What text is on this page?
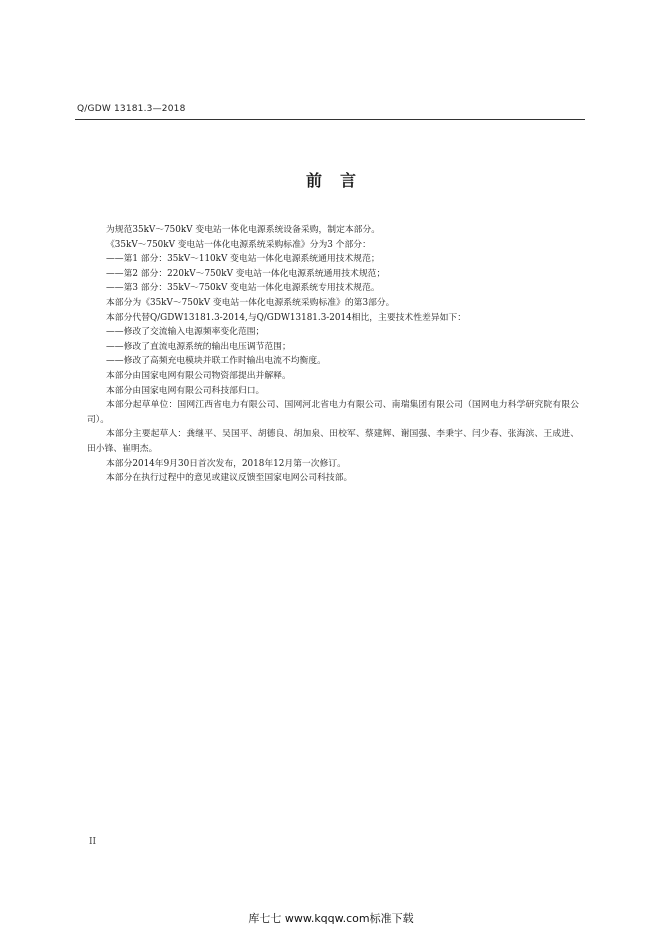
Q/GDW 13181.3—2018
前 言

为规范35kV～750kV 变电站一体化电源系统设备采购，制定本部分。

《35kV～750kV 变电站一体化电源系统采购标准》分为3 个部分：

——第1 部分：35kV～110kV 变电站一体化电源系统通用技术规范；

——第2 部分：220kV～750kV 变电站一体化电源系统通用技术规范；

——第3 部分：35kV～750kV 变电站一体化电源系统专用技术规范。

本部分为《35kV～750kV 变电站一体化电源系统采购标准》的第3部分。

本部分代替Q/GDW13181.3-2014,与Q/GDW13181.3-2014相比，主要技术性差异如下：

——修改了交流输入电源频率变化范围；

——修改了直流电源系统的输出电压调节范围；

——修改了高频充电模块并联工作时输出电流不均衡度。

本部分由国家电网有限公司物资部提出并解释。

本部分由国家电网有限公司科技部归口。

本部分起草单位：国网江西省电力有限公司、国网河北省电力有限公司、南瑞集团有限公司（国网电力科学研究院有限公司）。

本部分主要起草人：龚继平、吴国平、胡德良、胡加泉、田校军、蔡建辉、谢国强、李秉宇、闫少春、张海滨、王成进、田小锋、崔明杰。

本部分2014年9月30日首次发布，2018年12月第一次修订。

本部分在执行过程中的意见或建议反馈至国家电网公司科技部。

II
库七七 www.kqqw.com标准下载
